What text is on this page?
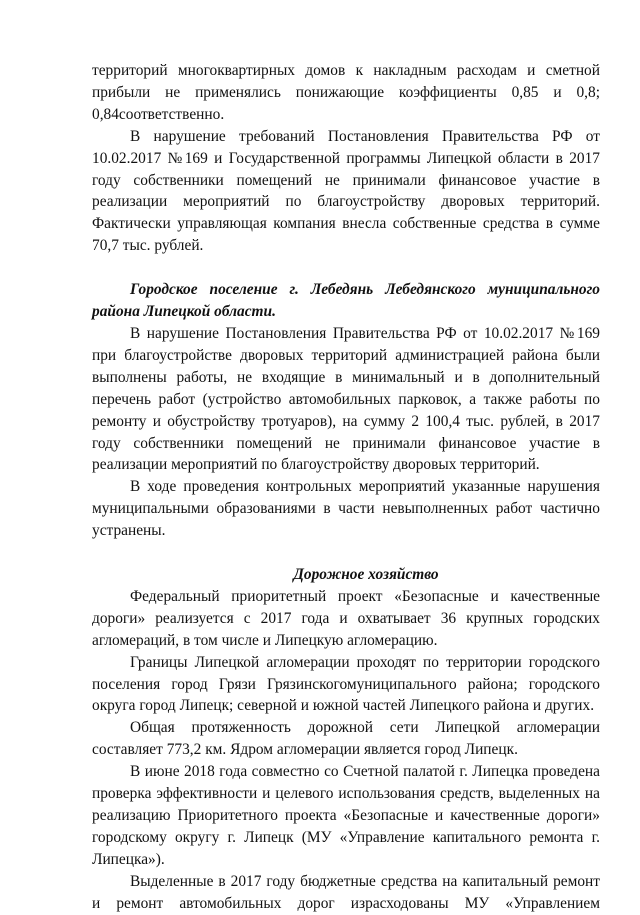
территорий многоквартирных домов к накладным расходам и сметной

прибыли не применялись понижающие коэффициенты 0,85 и 0,8;

0,84соответственно.

В нарушение требований Постановления Правительства РФ от 10.02.2017 №169 и Государственной программы Липецкой области в 2017 году собственники помещений не принимали финансовое участие в реализации мероприятий по благоустройству дворовых территорий. Фактически управляющая компания внесла собственные средства в сумме 70,7 тыс. рублей.

Городское поселение г. Лебедянь Лебедянского муниципального района Липецкой области.

В нарушение Постановления Правительства РФ от 10.02.2017 №169 при благоустройстве дворовых территорий администрацией района были выполнены работы, не входящие в минимальный и в дополнительный перечень работ (устройство автомобильных парковок, а также работы по ремонту и обустройству тротуаров), на сумму 2 100,4 тыс. рублей, в 2017 году собственники помещений не принимали финансовое участие в реализации мероприятий по благоустройству дворовых территорий.

В ходе проведения контрольных мероприятий указанные нарушения муниципальными образованиями в части невыполненных работ частично устранены.

Дорожное хозяйство

Федеральный приоритетный проект «Безопасные и качественные дороги» реализуется с 2017 года и охватывает 36 крупных городских агломераций, в том числе и Липецкую агломерацию.

Границы Липецкой агломерации проходят по территории городского поселения город Грязи Грязинскогомуниципального района; городского округа город Липецк; северной и южной частей Липецкого района и других.

Общая протяженность дорожной сети Липецкой агломерации составляет 773,2 км. Ядром агломерации является город Липецк.

В июне 2018 года совместно со Счетной палатой г. Липецка проведена проверка эффективности и целевого использования средств, выделенных на реализацию Приоритетного проекта «Безопасные и качественные дороги» городскому округу г. Липецк (МУ «Управление капитального ремонта г. Липецка»).

Выделенные в 2017 году бюджетные средства на капитальный ремонт и ремонт автомобильных дорог израсходованы МУ «Управлением
